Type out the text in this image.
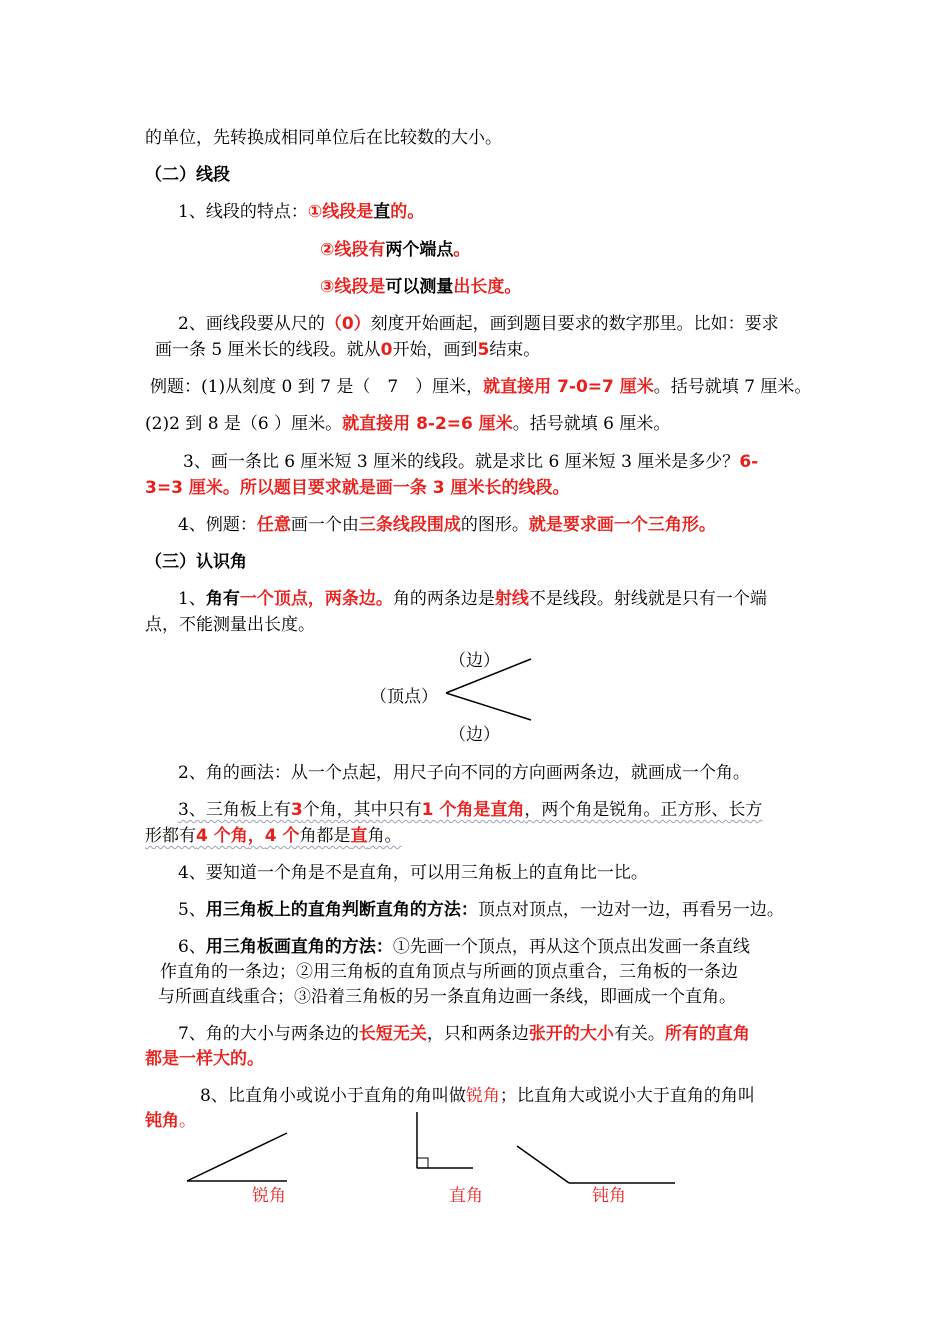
的单位，先转换成相同单位后在比较数的大小。
（二）线段
1、线段的特点：①线段是直的。
②线段有两个端点。
③线段是可以测量出长度。
2、画线段要从尺的（0）刻度开始画起，画到题目要求的数字那里。比如：要求
画一条 5 厘米长的线段。就从0开始，画到5结束。
例题：(1)从刻度 0 到 7 是（　7　）厘米，就直接用 7-0=7 厘米。括号就填 7 厘米。
(2)2 到 8 是（6 ）厘米。就直接用 8-2=6 厘米。括号就填 6 厘米。
3、画一条比 6 厘米短 3 厘米的线段。就是求比 6 厘米短 3 厘米是多少？6-
3=3 厘米。所以题目要求就是画一条 3 厘米长的线段。
4、例题：任意画一个由三条线段围成的图形。就是要求画一个三角形。
（三）认识角
1、角有一个顶点，两条边。角的两条边是射线不是线段。射线就是只有一个端
点，不能测量出长度。
（边）
（顶点）
（边）
2、角的画法：从一个点起，用尺子向不同的方向画两条边，就画成一个角。
3、三角板上有3个角，其中只有1 个角是直角，两个角是锐角。正方形、长方
形都有4 个角，4 个角都是直角。
4、要知道一个角是不是直角，可以用三角板上的直角比一比。
5、用三角板上的直角判断直角的方法：顶点对顶点，一边对一边，再看另一边。
6、用三角板画直角的方法：①先画一个顶点，再从这个顶点出发画一条直线
作直角的一条边；②用三角板的直角顶点与所画的顶点重合，三角板的一条边
与所画直线重合；③沿着三角板的另一条直角边画一条线，即画成一个直角。
7、角的大小与两条边的长短无关，只和两条边张开的大小有关。所有的直角
都是一样大的。
8、比直角小或说小于直角的角叫做锐角；比直角大或说小大于直角的角叫
钝角。
锐角	直角	钝角
